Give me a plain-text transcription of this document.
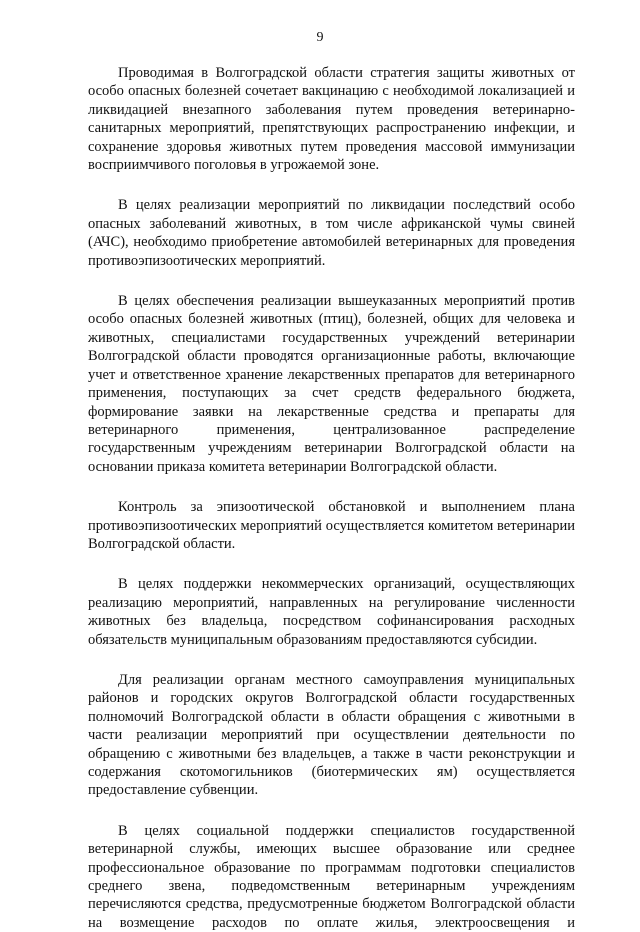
9

Проводимая в Волгоградской области стратегия защиты животных от особо опасных болезней сочетает вакцинацию с необходимой локализацией и ликвидацией внезапного заболевания путем проведения ветеринарно-санитарных мероприятий, препятствующих распространению инфекции, и сохранение здоровья животных путем проведения массовой иммунизации восприимчивого поголовья в угрожаемой зоне.

В целях реализации мероприятий по ликвидации последствий особо опасных заболеваний животных, в том числе африканской чумы свиней (АЧС), необходимо приобретение автомобилей ветеринарных для проведения противоэпизоотических мероприятий.

В целях обеспечения реализации вышеуказанных мероприятий против особо опасных болезней животных (птиц), болезней, общих для человека и животных, специалистами государственных учреждений ветеринарии Волгоградской области проводятся организационные работы, включающие учет и ответственное хранение лекарственных препаратов для ветеринарного применения, поступающих за счет средств федерального бюджета, формирование заявки на лекарственные средства и препараты для ветеринарного применения, централизованное распределение государственным учреждениям ветеринарии Волгоградской области на основании приказа комитета ветеринарии Волгоградской области.

Контроль за эпизоотической обстановкой и выполнением плана противоэпизоотических мероприятий осуществляется комитетом ветеринарии Волгоградской области.

В целях поддержки некоммерческих организаций, осуществляющих реализацию мероприятий, направленных на регулирование численности животных без владельца, посредством софинансирования расходных обязательств муниципальным образованиям предоставляются субсидии.

Для реализации органам местного самоуправления муниципальных районов и городских округов Волгоградской области государственных полномочий Волгоградской области в области обращения с животными в части реализации мероприятий при осуществлении деятельности по обращению с животными без владельцев, а также в части реконструкции и содержания скотомогильников (биотермических ям) осуществляется предоставление субвенции.

В целях социальной поддержки специалистов государственной ветеринарной службы, имеющих высшее образование или среднее профессиональное образование по программам подготовки специалистов среднего звена, подведомственным ветеринарным учреждениям перечисляются средства, предусмотренные бюджетом Волгоградской области на возмещение расходов по оплате жилья, электроосвещения и
